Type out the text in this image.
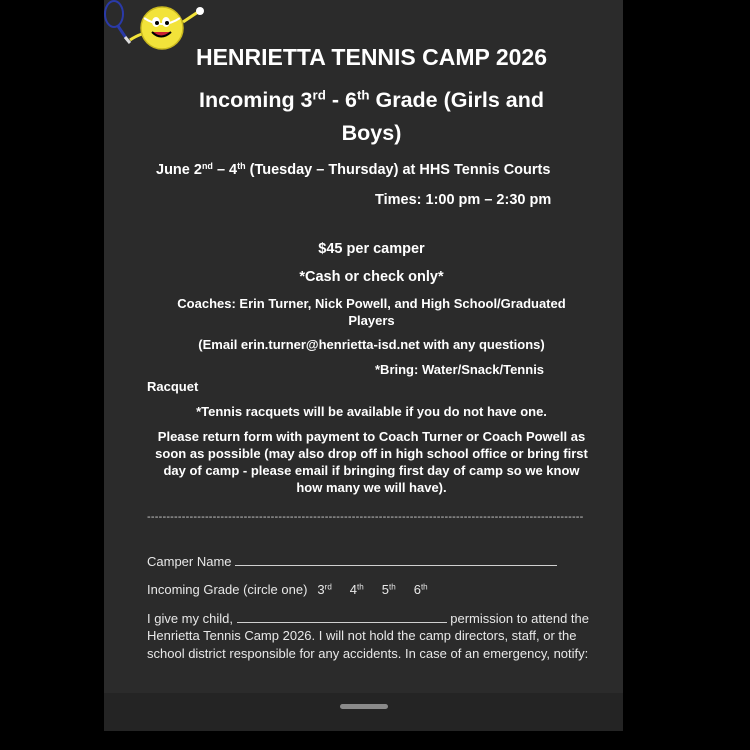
HENRIETTA TENNIS CAMP 2026

Incoming 3rd - 6th Grade (Girls and

Boys)

June 2nd – 4th (Tuesday – Thursday) at HHS Tennis Courts

Times: 1:00 pm – 2:30 pm

$45 per camper

*Cash or check only*

Coaches: Erin Turner, Nick Powell, and High School/Graduated

Players

(Email erin.turner@henrietta-isd.net with any questions)

*Bring: Water/Snack/Tennis

Racquet

*Tennis racquets will be available if you do not have one.

Please return form with payment to Coach Turner or Coach Powell as

soon as possible (may also drop off in high school office or bring first

day of camp - please email if bringing first day of camp so we know

how many we will have).

-----------------------------------------------------------------------------------------------------------------

Camper Name

Incoming Grade (circle one) 3rd 4th 5th 6th

I give my child,	permission to attend the

Henrietta Tennis Camp 2026. I will not hold the camp directors, staff, or the

school district responsible for any accidents. In case of an emergency, notify:
